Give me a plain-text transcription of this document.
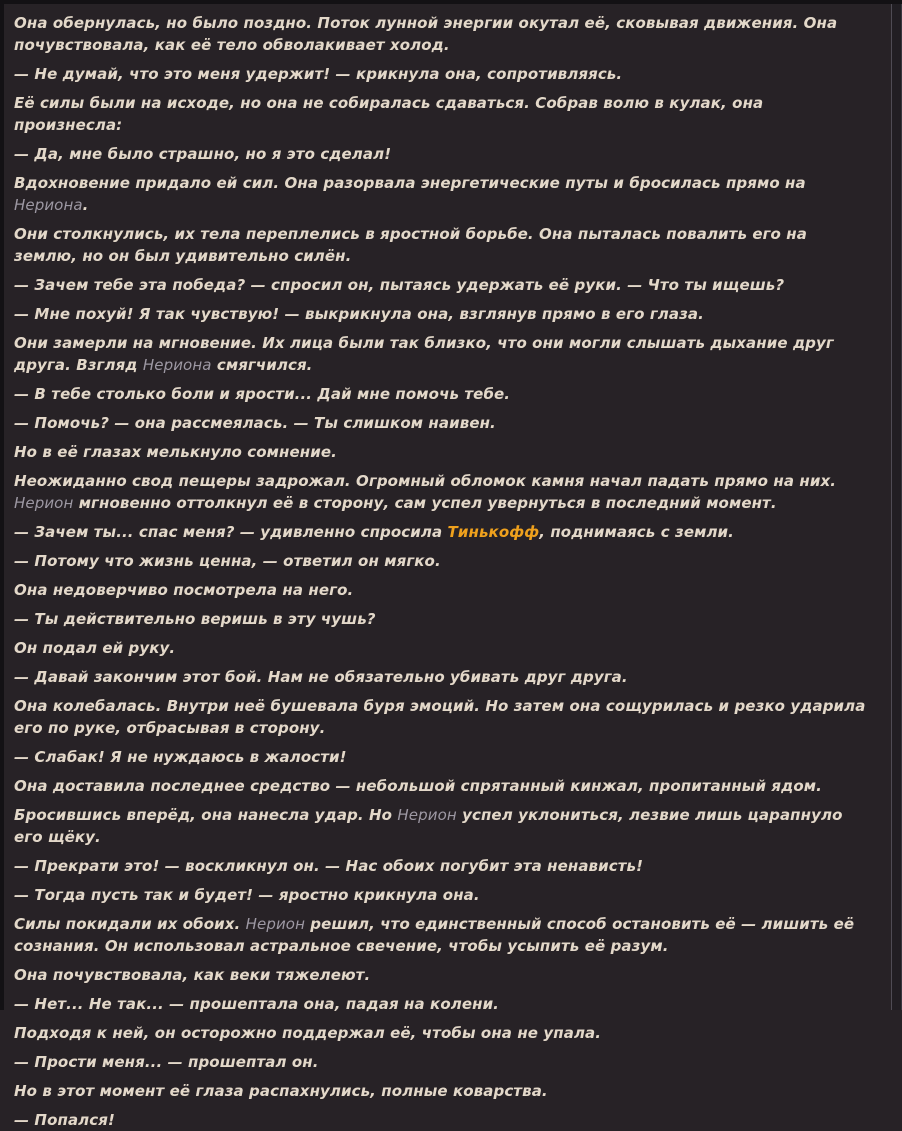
Она обернулась, но было поздно. Поток лунной энергии окутал её, сковывая движения. Она почувствовала, как её тело обволакивает холод.

— Не думай, что это меня удержит! — крикнула она, сопротивляясь.

Её силы были на исходе, но она не собиралась сдаваться. Собрав волю в кулак, она произнесла:

— Да, мне было страшно, но я это сделал!

Вдохновение придало ей сил. Она разорвала энергетические путы и бросилась прямо на Нериона.

Они столкнулись, их тела переплелись в яростной борьбе. Она пыталась повалить его на землю, но он был удивительно силён.

— Зачем тебе эта победа? — спросил он, пытаясь удержать её руки. — Что ты ищешь?

— Мне похуй! Я так чувствую! — выкрикнула она, взглянув прямо в его глаза.

Они замерли на мгновение. Их лица были так близко, что они могли слышать дыхание друг друга. Взгляд Нериона смягчился.

— В тебе столько боли и ярости... Дай мне помочь тебе.

— Помочь? — она рассмеялась. — Ты слишком наивен.

Но в её глазах мелькнуло сомнение.

Неожиданно свод пещеры задрожал. Огромный обломок камня начал падать прямо на них. Нерион мгновенно оттолкнул её в сторону, сам успел увернуться в последний момент.

— Зачем ты... спас меня? — удивленно спросила Тинькофф, поднимаясь с земли.

— Потому что жизнь ценна, — ответил он мягко.

Она недоверчиво посмотрела на него.

— Ты действительно веришь в эту чушь?

Он подал ей руку.

— Давай закончим этот бой. Нам не обязательно убивать друг друга.

Она колебалась. Внутри неё бушевала буря эмоций. Но затем она сощурилась и резко ударила его по руке, отбрасывая в сторону.

— Слабак! Я не нуждаюсь в жалости!

Она доставила последнее средство — небольшой спрятанный кинжал, пропитанный ядом.

Бросившись вперёд, она нанесла удар. Но Нерион успел уклониться, лезвие лишь царапнуло его щёку.

— Прекрати это! — воскликнул он. — Нас обоих погубит эта ненависть!

— Тогда пусть так и будет! — яростно крикнула она.

Силы покидали их обоих. Нерион решил, что единственный способ остановить её — лишить её сознания. Он использовал астральное свечение, чтобы усыпить её разум.

Она почувствовала, как веки тяжелеют.

— Нет... Не так... — прошептала она, падая на колени.

Подходя к ней, он осторожно поддержал её, чтобы она не упала.

— Прости меня... — прошептал он.

Но в этот момент её глаза распахнулись, полные коварства.

— Попался!
